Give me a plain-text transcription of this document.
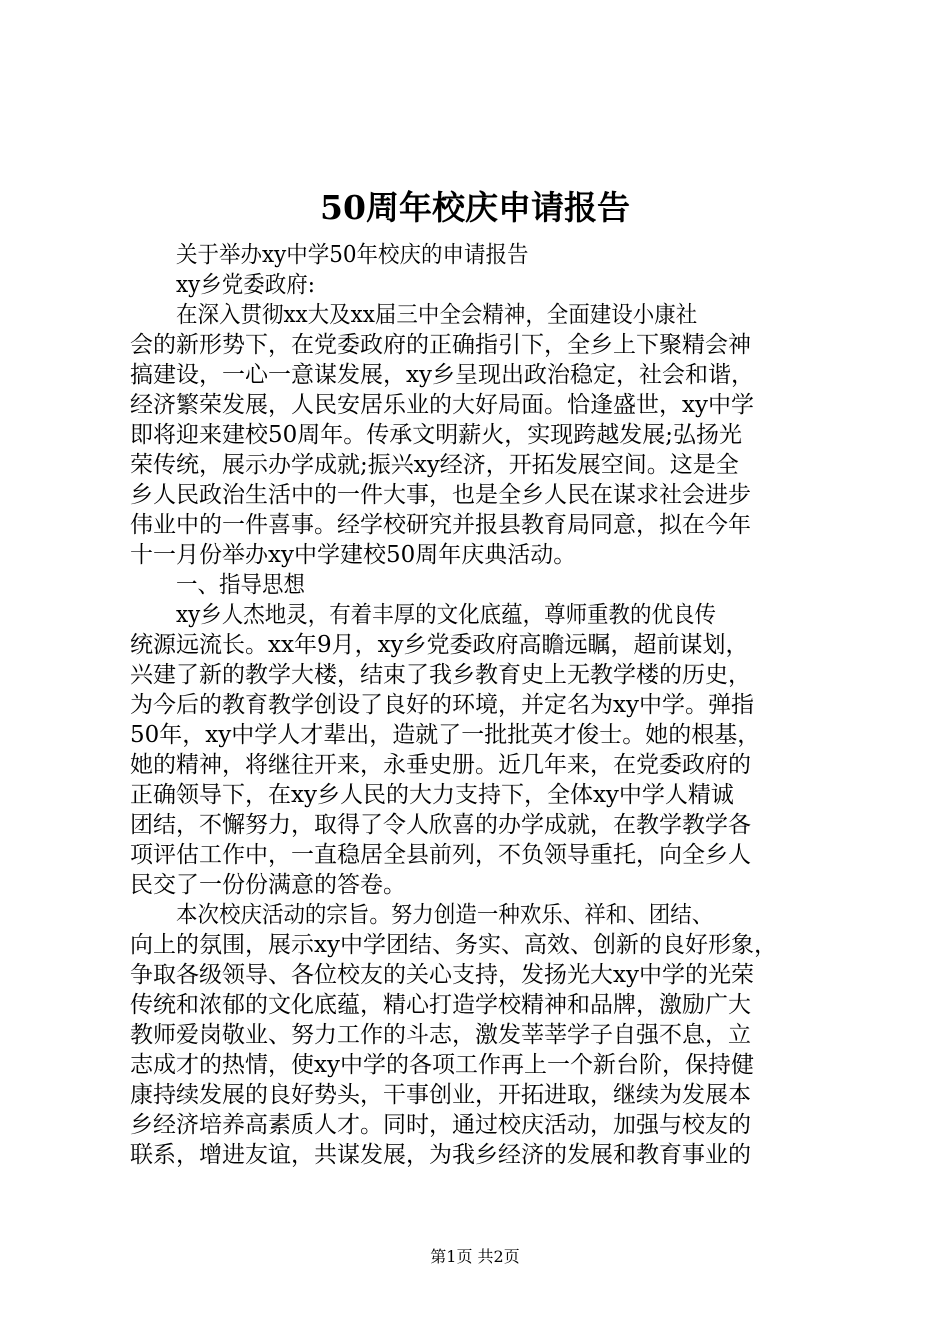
50周年校庆申请报告
关于举办xy中学50年校庆的申请报告
xy乡党委政府:
在深入贯彻xx大及xx届三中全会精神，全面建设小康社
会的新形势下，在党委政府的正确指引下，全乡上下聚精会神
搞建设，一心一意谋发展，xy乡呈现出政治稳定，社会和谐，
经济繁荣发展，人民安居乐业的大好局面。恰逢盛世，xy中学
即将迎来建校50周年。传承文明薪火，实现跨越发展;弘扬光
荣传统，展示办学成就;振兴xy经济，开拓发展空间。这是全
乡人民政治生活中的一件大事，也是全乡人民在谋求社会进步
伟业中的一件喜事。经学校研究并报县教育局同意，拟在今年
十一月份举办xy中学建校50周年庆典活动。
一、指导思想
xy乡人杰地灵，有着丰厚的文化底蕴，尊师重教的优良传
统源远流长。xx年9月，xy乡党委政府高瞻远瞩，超前谋划，
兴建了新的教学大楼，结束了我乡教育史上无教学楼的历史，
为今后的教育教学创设了良好的环境，并定名为xy中学。弹指
50年，xy中学人才辈出，造就了一批批英才俊士。她的根基，
她的精神，将继往开来，永垂史册。近几年来，在党委政府的
正确领导下，在xy乡人民的大力支持下，全体xy中学人精诚
团结，不懈努力，取得了令人欣喜的办学成就，在教学教学各
项评估工作中，一直稳居全县前列，不负领导重托，向全乡人
民交了一份份满意的答卷。
本次校庆活动的宗旨。努力创造一种欢乐、祥和、团结、
向上的氛围，展示xy中学团结、务实、高效、创新的良好形象，
争取各级领导、各位校友的关心支持，发扬光大xy中学的光荣
传统和浓郁的文化底蕴，精心打造学校精神和品牌，激励广大
教师爱岗敬业、努力工作的斗志，激发莘莘学子自强不息，立
志成才的热情，使xy中学的各项工作再上一个新台阶，保持健
康持续发展的良好势头，干事创业，开拓进取，继续为发展本
乡经济培养高素质人才。同时，通过校庆活动，加强与校友的
联系，增进友谊，共谋发展，为我乡经济的发展和教育事业的
第1页 共2页
